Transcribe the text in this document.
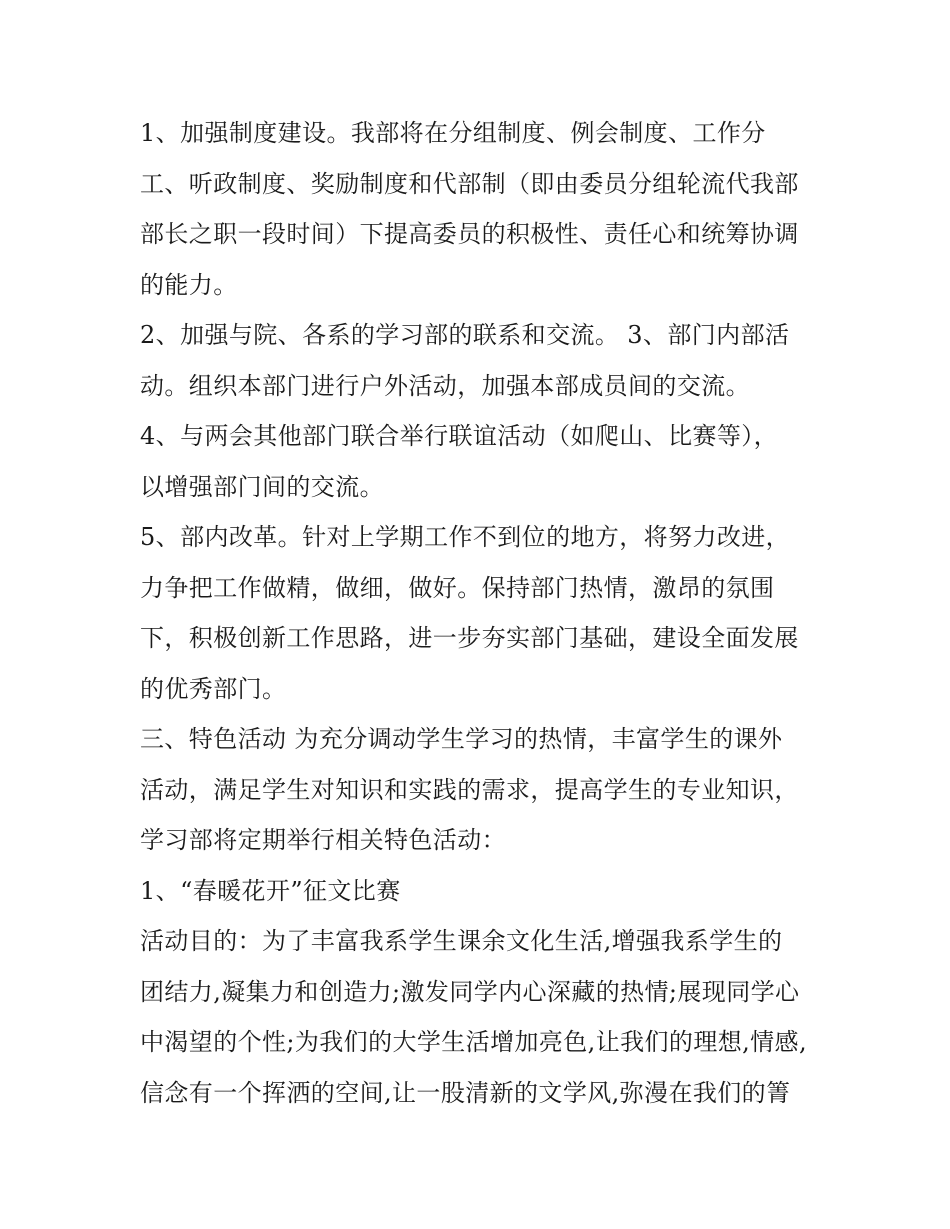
1、加强制度建设。我部将在分组制度、例会制度、工作分
工、听政制度、奖励制度和代部制（即由委员分组轮流代我部
部长之职一段时间）下提高委员的积极性、责任心和统筹协调
的能力。
2、加强与院、各系的学习部的联系和交流。 3、部门内部活
动。组织本部门进行户外活动，加强本部成员间的交流。
4、与两会其他部门联合举行联谊活动（如爬山、比赛等），
以增强部门间的交流。
5、部内改革。针对上学期工作不到位的地方，将努力改进，
力争把工作做精，做细，做好。保持部门热情，激昂的氛围
下，积极创新工作思路，进一步夯实部门基础，建设全面发展
的优秀部门。
三、特色活动 为充分调动学生学习的热情，丰富学生的课外
活动，满足学生对知识和实践的需求，提高学生的专业知识，
学习部将定期举行相关特色活动：
1、“春暖花开”征文比赛
活动目的：为了丰富我系学生课余文化生活,增强我系学生的
团结力,凝集力和创造力;激发同学内心深藏的热情;展现同学心
中渴望的个性;为我们的大学生活增加亮色,让我们的理想,情感,
信念有一个挥洒的空间,让一股清新的文学风,弥漫在我们的箐
